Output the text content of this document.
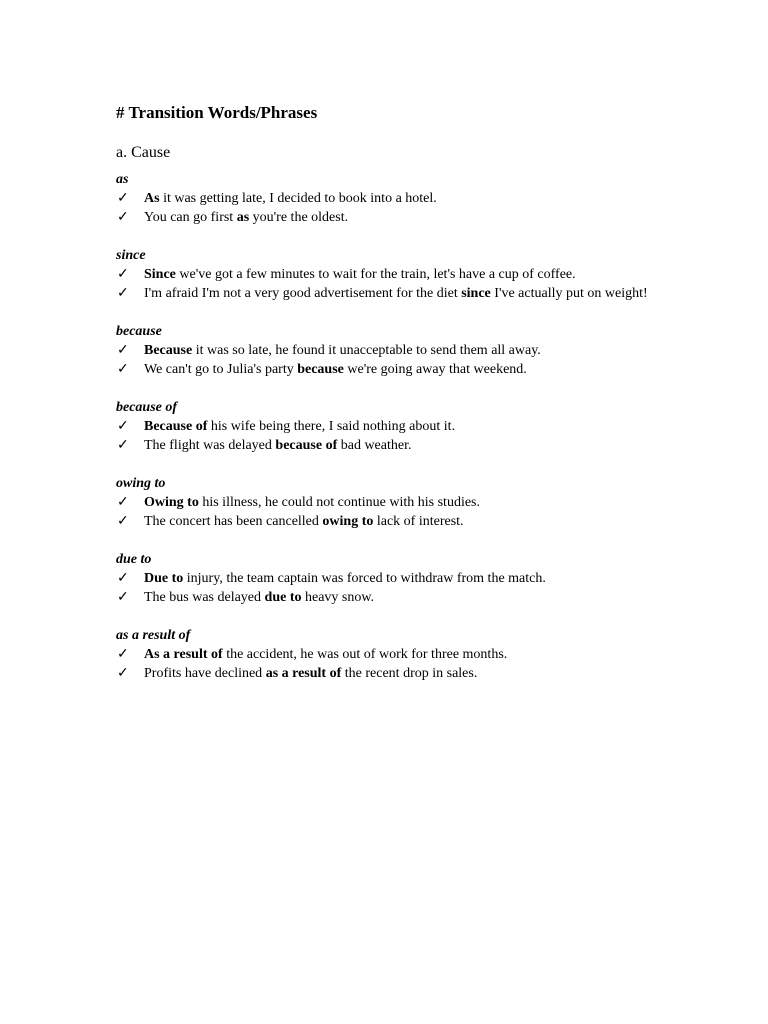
# Transition Words/Phrases
a. Cause

as

✓ As it was getting late, I decided to book into a hotel.
✓ You can go first as you're the oldest.

since

✓ Since we've got a few minutes to wait for the train, let's have a cup of coffee.
✓ I'm afraid I'm not a very good advertisement for the diet since I've actually put on weight!

because

✓ Because it was so late, he found it unacceptable to send them all away.
✓ We can't go to Julia's party because we're going away that weekend.

because of

✓ Because of his wife being there, I said nothing about it.
✓ The flight was delayed because of bad weather.

owing to

✓ Owing to his illness, he could not continue with his studies.
✓ The concert has been cancelled owing to lack of interest.

due to

✓ Due to injury, the team captain was forced to withdraw from the match.
✓ The bus was delayed due to heavy snow.

as a result of

✓ As a result of the accident, he was out of work for three months.
✓ Profits have declined as a result of the recent drop in sales.
